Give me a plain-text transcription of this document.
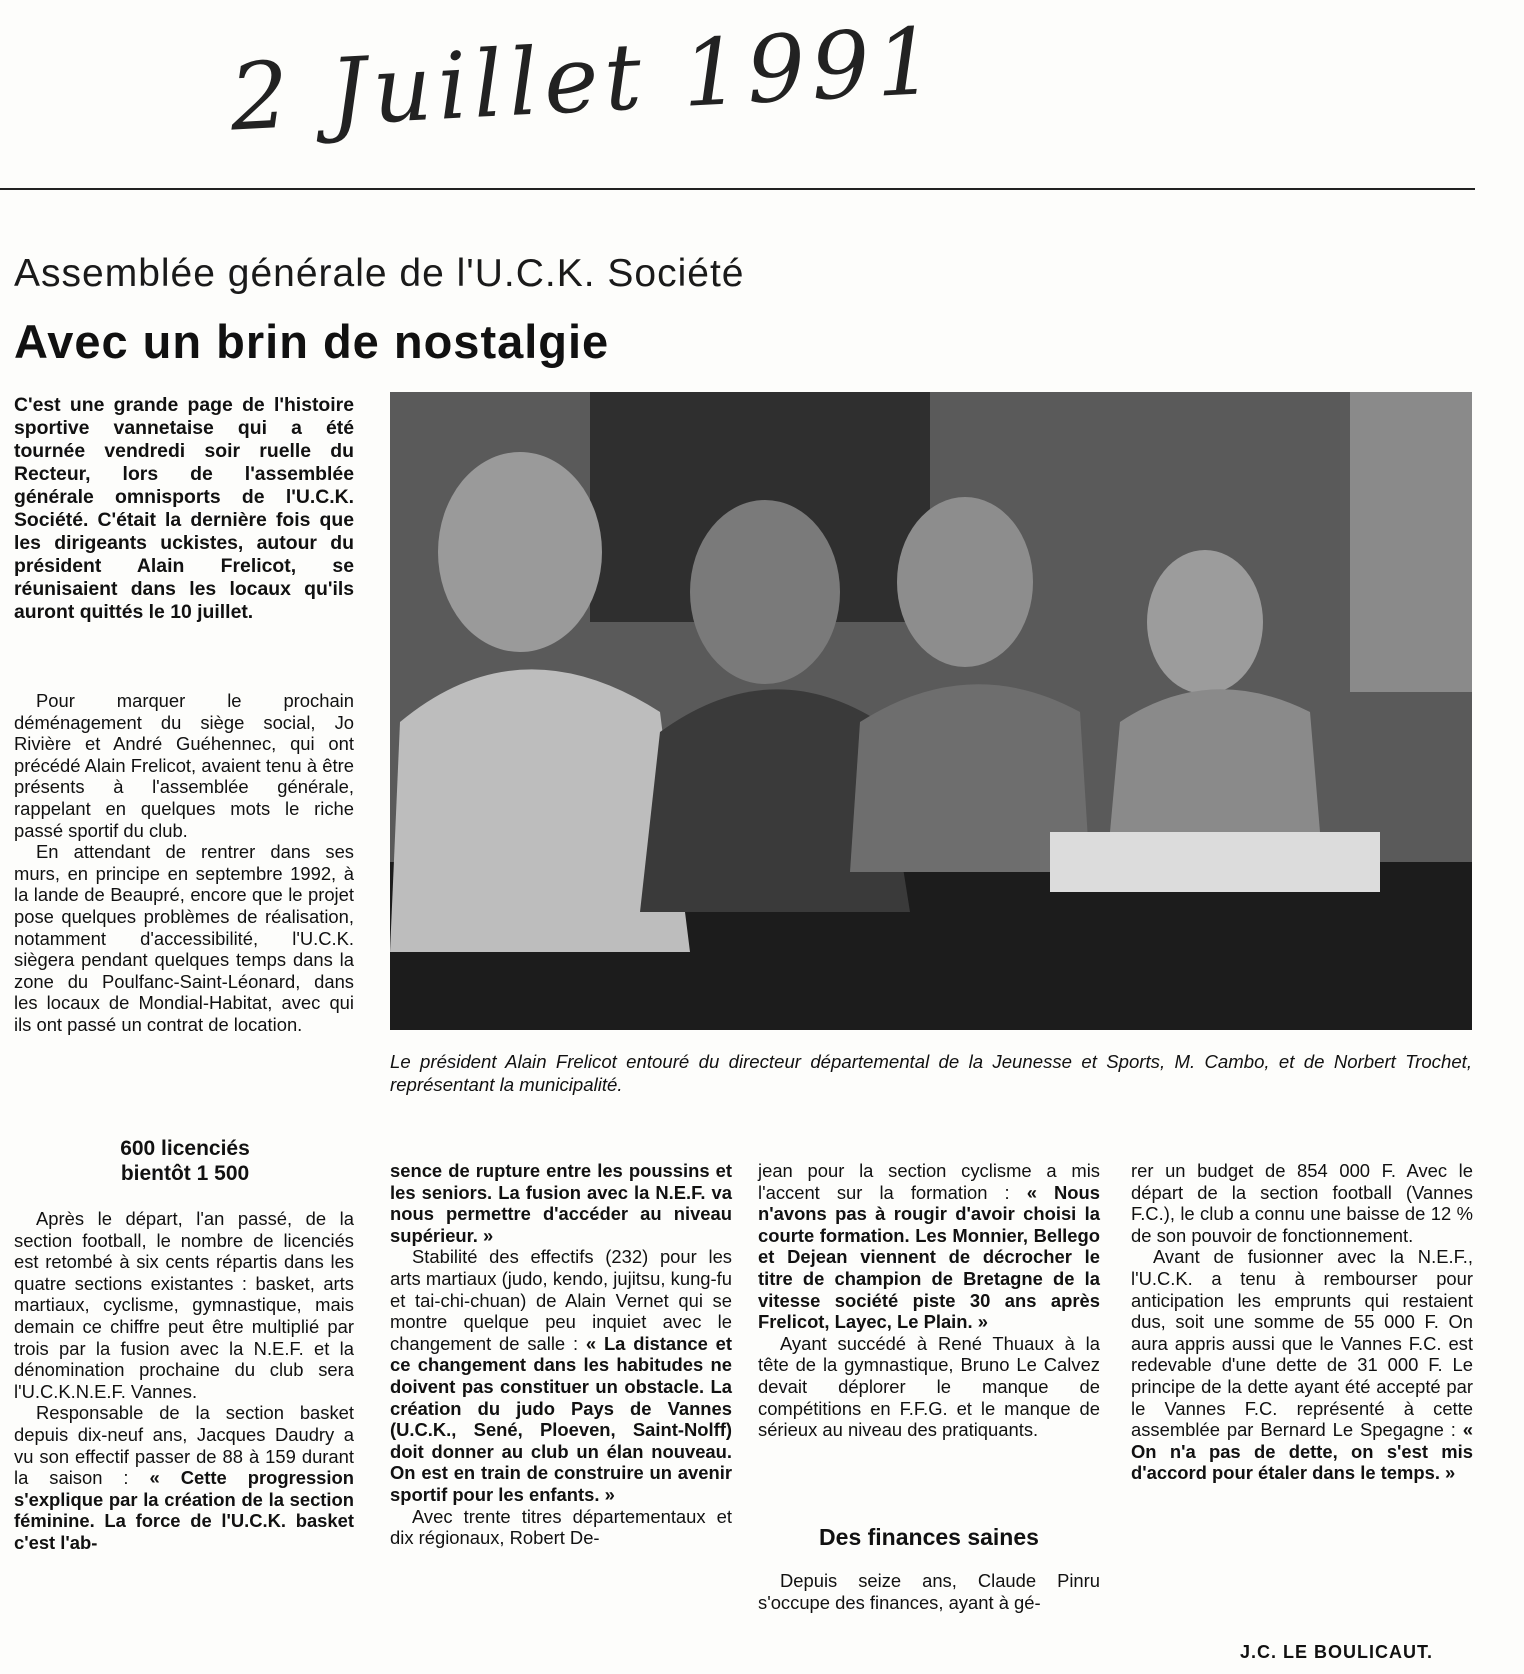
2 Juillet 1991
Assemblée générale de l'U.C.K. Société
Avec un brin de nostalgie
C'est une grande page de l'histoire sportive vannetaise qui a été tournée vendredi soir ruelle du Recteur, lors de l'assemblée générale omnisports de l'U.C.K. Société. C'était la dernière fois que les dirigeants uckistes, autour du président Alain Frelicot, se réunisaient dans les locaux qu'ils auront quittés le 10 juillet.

Pour marquer le prochain déménagement du siège social, Jo Rivière et André Guéhennec, qui ont précédé Alain Frelicot, avaient tenu à être présents à l'assemblée générale, rappelant en quelques mots le riche passé sportif du club.

En attendant de rentrer dans ses murs, en principe en septembre 1992, à la lande de Beaupré, encore que le projet pose quelques problèmes de réalisation, notamment d'accessibilité, l'U.C.K. siègera pendant quelques temps dans la zone du Poulfanc-Saint-Léonard, dans les locaux de Mondial-Habitat, avec qui ils ont passé un contrat de location.

600 licenciés
bientôt 1 500

Après le départ, l'an passé, de la section football, le nombre de licenciés est retombé à six cents répartis dans les quatre sections existantes : basket, arts martiaux, cyclisme, gymnastique, mais demain ce chiffre peut être multiplié par trois par la fusion avec la N.E.F. et la dénomination prochaine du club sera l'U.C.K.N.E.F. Vannes.

Responsable de la section basket depuis dix-neuf ans, Jacques Daudry a vu son effectif passer de 88 à 159 durant la saison : « Cette progression s'explique par la création de la section féminine. La force de l'U.C.K. basket c'est l'ab-

sence de rupture entre les poussins et les seniors. La fusion avec la N.E.F. va nous permettre d'accéder au niveau supérieur. »

Stabilité des effectifs (232) pour les arts martiaux (judo, kendo, jujitsu, kung-fu et tai-chi-chuan) de Alain Vernet qui se montre quelque peu inquiet avec le changement de salle : « La distance et ce changement dans les habitudes ne doivent pas constituer un obstacle. La création du judo Pays de Vannes (U.C.K., Sené, Ploeven, Saint-Nolff) doit donner au club un élan nouveau. On est en train de construire un avenir sportif pour les enfants. »

Avec trente titres départementaux et dix régionaux, Robert De-

jean pour la section cyclisme a mis l'accent sur la formation : « Nous n'avons pas à rougir d'avoir choisi la courte formation. Les Monnier, Bellego et Dejean viennent de décrocher le titre de champion de Bretagne de la vitesse société piste 30 ans après Frelicot, Layec, Le Plain. »

Ayant succédé à René Thuaux à la tête de la gymnastique, Bruno Le Calvez devait déplorer le manque de compétitions en F.F.G. et le manque de sérieux au niveau des pratiquants.

Des finances saines

Depuis seize ans, Claude Pinru s'occupe des finances, ayant à gé-

rer un budget de 854 000 F. Avec le départ de la section football (Vannes F.C.), le club a connu une baisse de 12 % de son pouvoir de fonctionnement.

Avant de fusionner avec la N.E.F., l'U.C.K. a tenu à rembourser pour anticipation les emprunts qui restaient dus, soit une somme de 55 000 F. On aura appris aussi que le Vannes F.C. est redevable d'une dette de 31 000 F. Le principe de la dette ayant été accepté par le Vannes F.C. représenté à cette assemblée par Bernard Le Spegagne : « On n'a pas de dette, on s'est mis d'accord pour étaler dans le temps. »

J.C. LE BOULICAUT.
Le président Alain Frelicot entouré du directeur départemental de la Jeunesse et Sports, M. Cambo, et de Norbert Trochet, représentant la municipalité.
